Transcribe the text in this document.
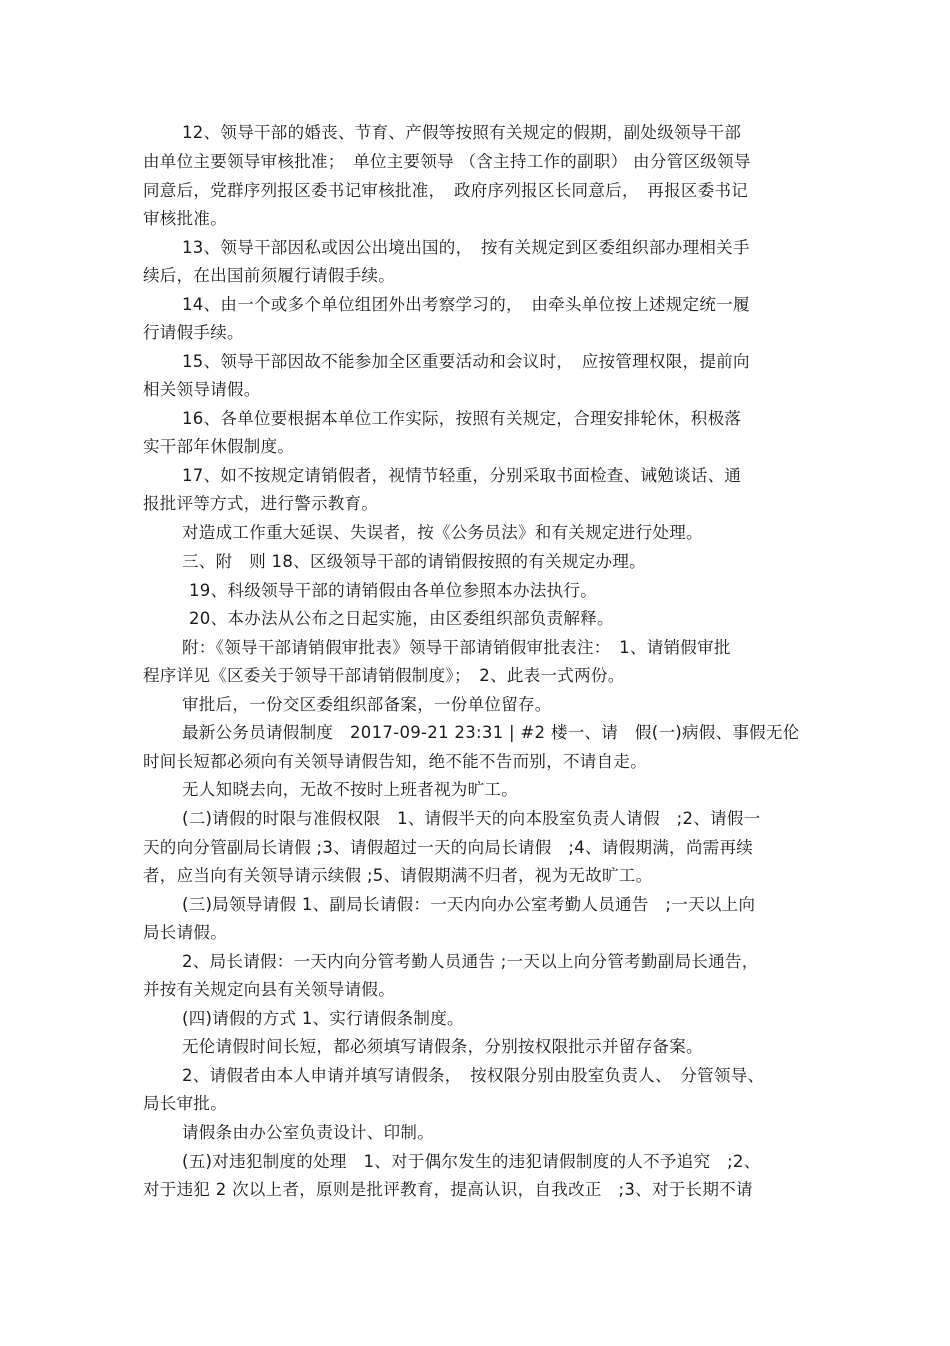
12、领导干部的婚丧、节育、产假等按照有关规定的假期，副处级领导干部
由单位主要领导审核批准；　单位主要领导 （含主持工作的副职） 由分管区级领导
同意后，党群序列报区委书记审核批准，　政府序列报区长同意后，　再报区委书记
审核批准。
13、领导干部因私或因公出境出国的，　按有关规定到区委组织部办理相关手
续后，在出国前须履行请假手续。
14、由一个或多个单位组团外出考察学习的，　由牵头单位按上述规定统一履
行请假手续。
15、领导干部因故不能参加全区重要活动和会议时，　应按管理权限，提前向
相关领导请假。
16、各单位要根据本单位工作实际，按照有关规定，合理安排轮休，积极落
实干部年休假制度。
17、如不按规定请销假者，视情节轻重，分别采取书面检查、诫勉谈话、通
报批评等方式，进行警示教育。
对造成工作重大延误、失误者，按《公务员法》和有关规定进行处理。
三、附　则 18、区级领导干部的请销假按照的有关规定办理。
19、科级领导干部的请销假由各单位参照本办法执行。
20、本办法从公布之日起实施，由区委组织部负责解释。
附：《领导干部请销假审批表》领导干部请销假审批表注：　1、请销假审批
程序详见《区委关于领导干部请销假制度》；　2、此表一式两份。
审批后，一份交区委组织部备案，一份单位留存。
最新公务员请假制度　2017-09-21 23:31 | #2 楼一、请　假(一)病假、事假无伦
时间长短都必须向有关领导请假告知，绝不能不告而别，不请自走。
无人知晓去向，无故不按时上班者视为旷工。
(二)请假的时限与准假权限　1、请假半天的向本股室负责人请假　;2、请假一
天的向分管副局长请假 ;3、请假超过一天的向局长请假　;4、请假期满，尚需再续
者，应当向有关领导请示续假 ;5、请假期满不归者，视为无故旷工。
(三)局领导请假 1、副局长请假：一天内向办公室考勤人员通告　;一天以上向
局长请假。
2、局长请假：一天内向分管考勤人员通告 ;一天以上向分管考勤副局长通告，
并按有关规定向县有关领导请假。
(四)请假的方式 1、实行请假条制度。
无伦请假时间长短，都必须填写请假条，分别按权限批示并留存备案。
2、请假者由本人申请并填写请假条，　按权限分别由股室负责人、　分管领导、
局长审批。
请假条由办公室负责设计、印制。
(五)对违犯制度的处理　1、对于偶尔发生的违犯请假制度的人不予追究　;2、
对于违犯 2 次以上者，原则是批评教育，提高认识，自我改正　;3、对于长期不请
